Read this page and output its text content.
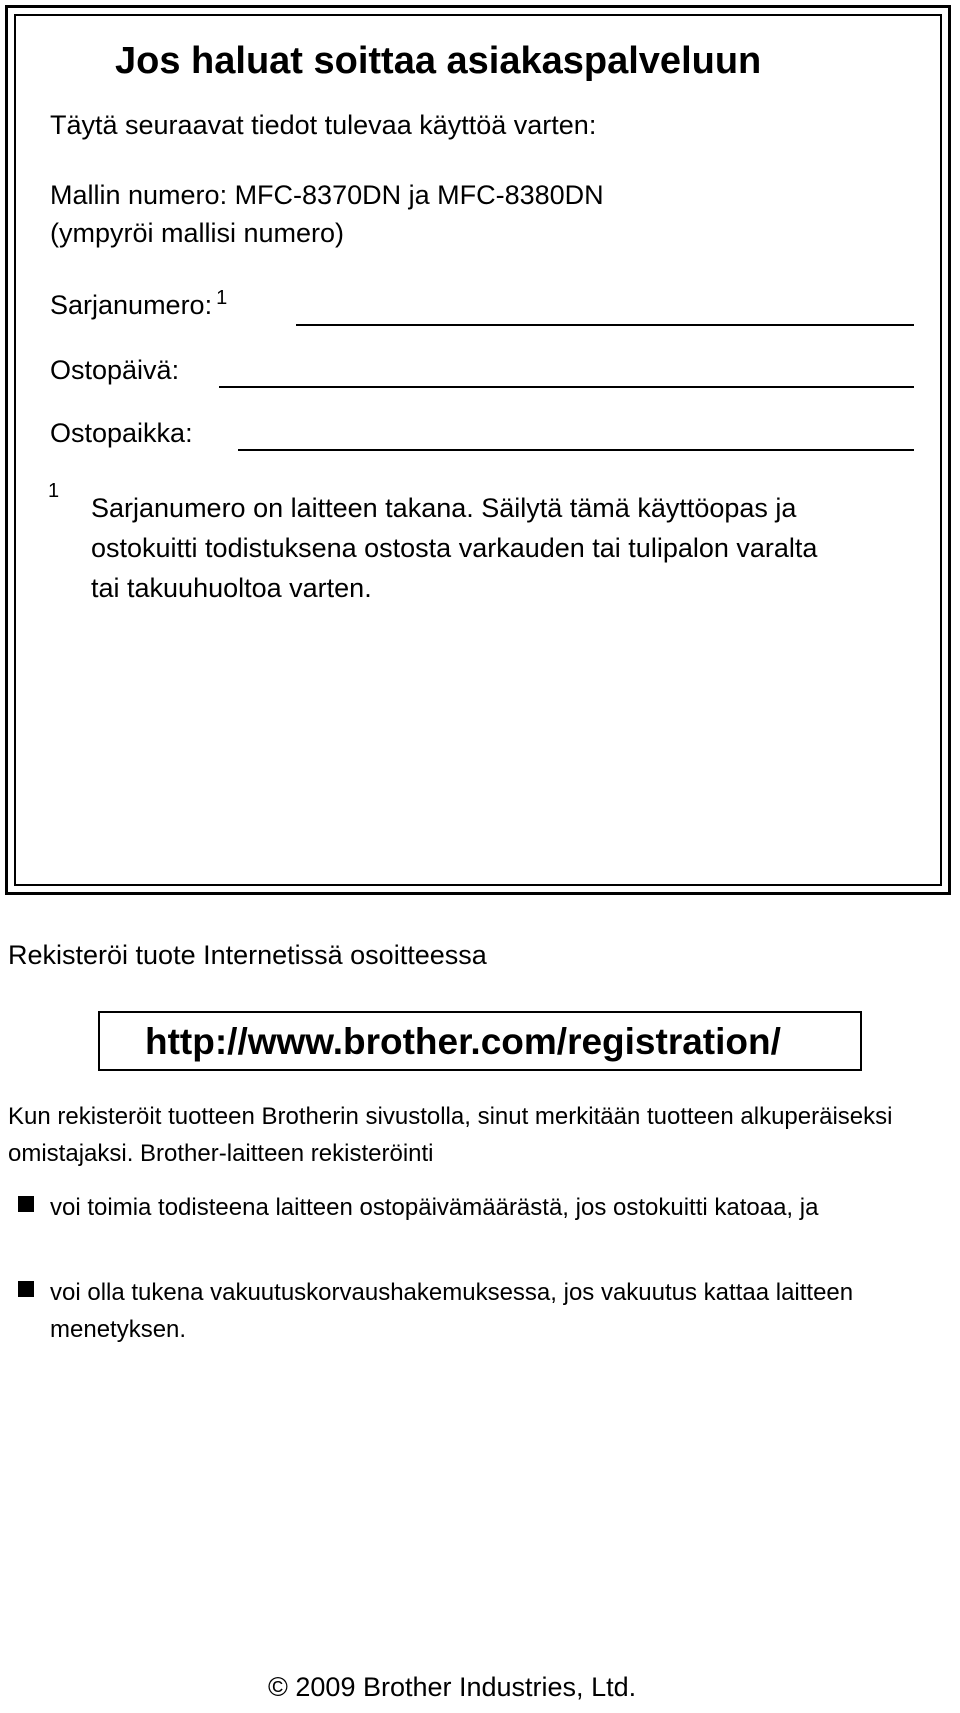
Jos haluat soittaa asiakaspalveluun
Täytä seuraavat tiedot tulevaa käyttöä varten:
Mallin numero: MFC-8370DN ja MFC-8380DN
(ympyröi mallisi numero)
Sarjanumero: $^1$
Ostopäivä:
Ostopaikka:
1
Sarjanumero on laitteen takana. Säilytä tämä käyttöopas ja ostokuitti todistuksena ostosta varkauden tai tulipalon varalta tai takuuhuoltoa varten.
Rekisteröi tuote Internetissä osoitteessa
http://www.brother.com/registration/
Kun rekisteröit tuotteen Brotherin sivustolla, sinut merkitään tuotteen alkuperäiseksi omistajaksi. Brother-laitteen rekisteröinti
voi toimia todisteena laitteen ostopäivämäärästä, jos ostokuitti katoaa, ja
voi olla tukena vakuutuskorvaushakemuksessa, jos vakuutus kattaa laitteen menetyksen.
© 2009 Brother Industries, Ltd.
